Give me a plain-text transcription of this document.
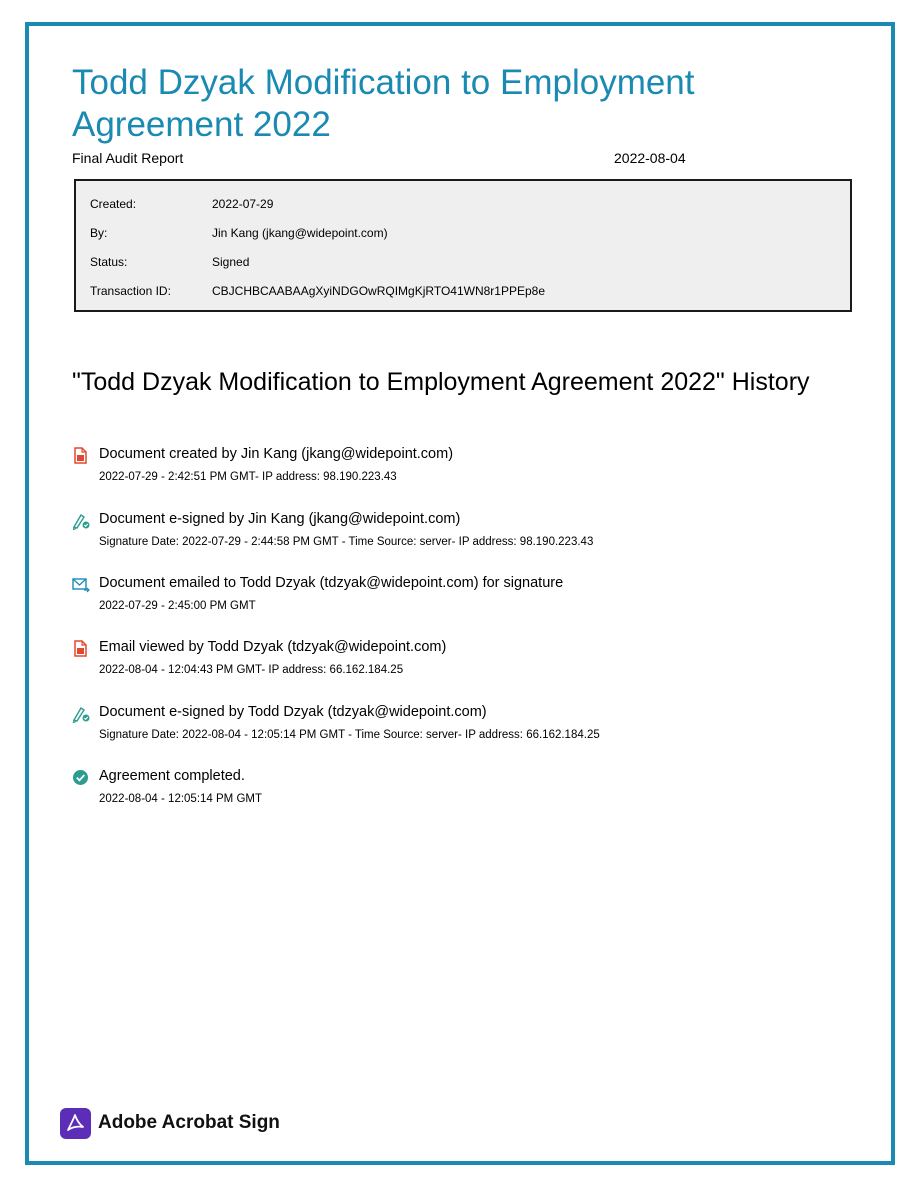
Todd Dzyak Modification to Employment Agreement 2022
Final Audit Report	2022-08-04
Created:	2022-07-29
By:	Jin Kang (jkang@widepoint.com)
Status:	Signed
Transaction ID:	CBJCHBCAABAAgXyiNDGOwRQIMgKjRTO41WN8r1PPEp8e
"Todd Dzyak Modification to Employment Agreement 2022" History
Document created by Jin Kang (jkang@widepoint.com)
2022-07-29 - 2:42:51 PM GMT- IP address: 98.190.223.43
Document e-signed by Jin Kang (jkang@widepoint.com)
Signature Date: 2022-07-29 - 2:44:58 PM GMT - Time Source: server- IP address: 98.190.223.43
Document emailed to Todd Dzyak (tdzyak@widepoint.com) for signature
2022-07-29 - 2:45:00 PM GMT
Email viewed by Todd Dzyak (tdzyak@widepoint.com)
2022-08-04 - 12:04:43 PM GMT- IP address: 66.162.184.25
Document e-signed by Todd Dzyak (tdzyak@widepoint.com)
Signature Date: 2022-08-04 - 12:05:14 PM GMT - Time Source: server- IP address: 66.162.184.25
Agreement completed.
2022-08-04 - 12:05:14 PM GMT
Adobe Acrobat Sign
